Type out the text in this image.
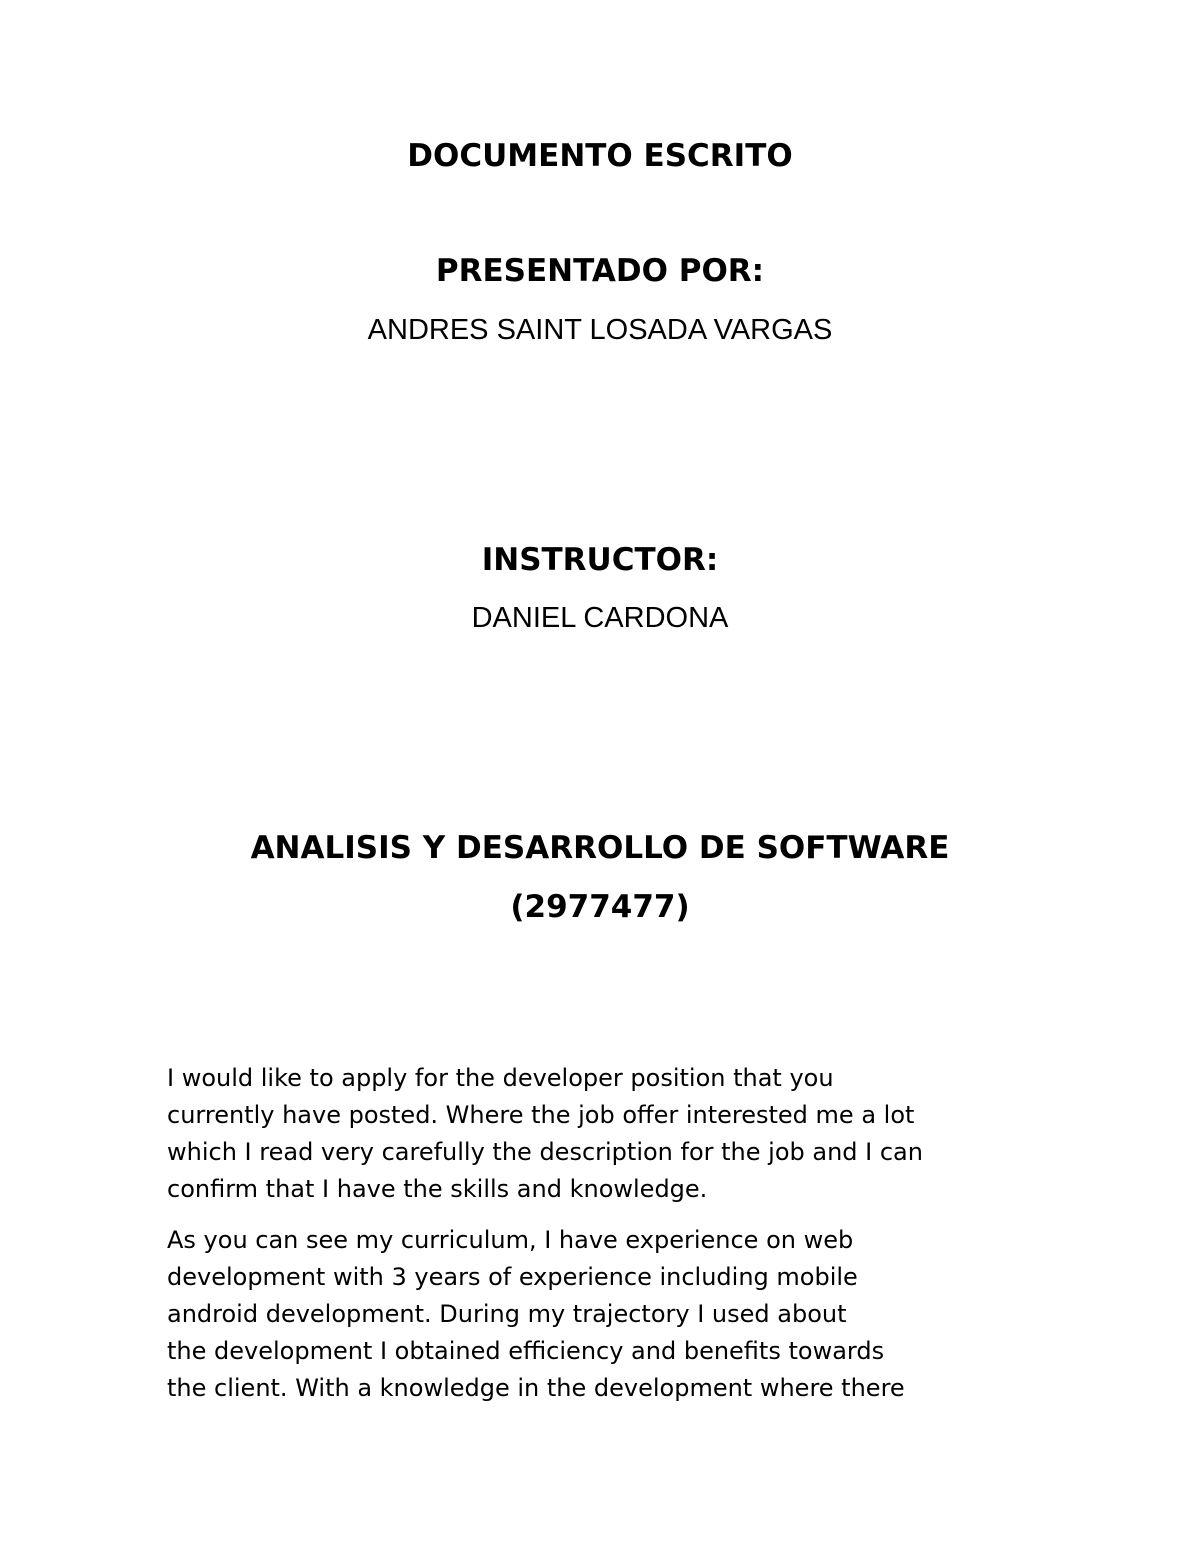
DOCUMENTO ESCRITO
PRESENTADO POR:
ANDRES SAINT LOSADA VARGAS
INSTRUCTOR:
DANIEL CARDONA
ANALISIS Y DESARROLLO DE SOFTWARE
(2977477)

I would like to apply for the developer position that you
currently have posted. Where the job offer interested me a lot
which I read very carefully the description for the job and I can
confirm that I have the skills and knowledge.

As you can see my curriculum, I have experience on web
development with 3 years of experience including mobile
android development. During my trajectory I used about
the development I obtained efficiency and benefits towards
the client. With a knowledge in the development where there
